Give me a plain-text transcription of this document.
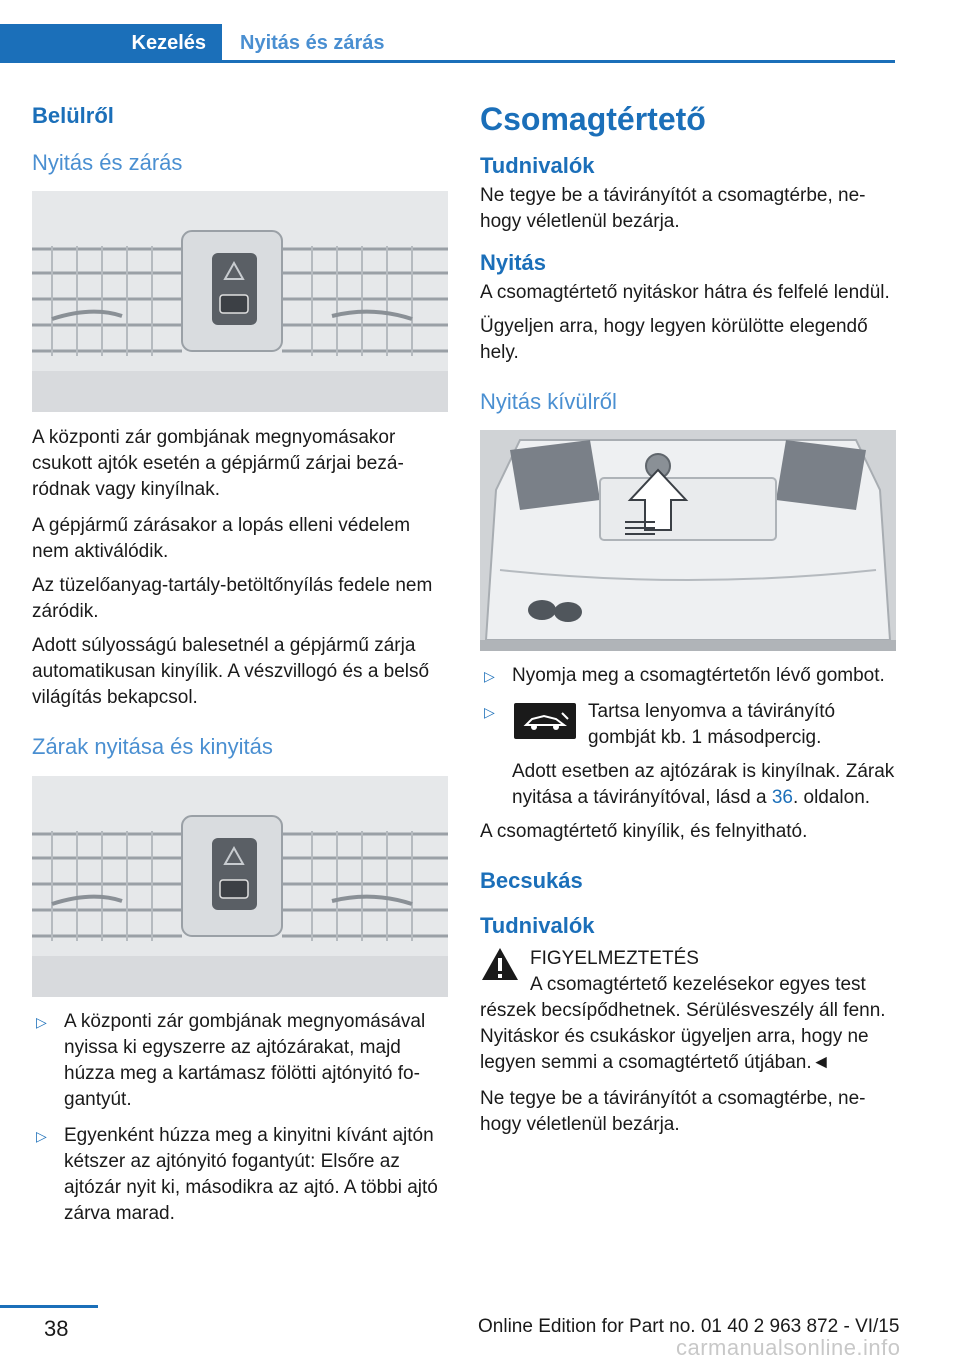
Kezelés	Nyitás és zárás
Belülről
Nyitás és zárás

A központi zár gombjának megnyomásakor csukott ajtók esetén a gépjármű zárjai bezáródnak vagy kinyílnak.

A gépjármű zárásakor a lopás elleni védelem nem aktiválódik.

Az tüzelőanyag-tartály-betöltőnyílás fedele nem záródik.

Adott súlyosságú balesetnél a gépjármű zárja automatikusan kinyílik. A vészvillogó és a belső világítás bekapcsol.

Zárak nyitása és kinyitás
▷ A központi zár gombjának megnyomásával nyissa ki egyszerre az ajtózárakat, majd húzza meg a kartámasz fölötti ajtónyitó fogantyút.
▷ Egyenként húzza meg a kinyitni kívánt ajtón kétszer az ajtónyitó fogantyút: Elsőre az ajtózár nyit ki, másodikra az ajtó. A többi ajtó zárva marad.
Csomagtértető
Tudnivalók

Ne tegye be a távirányítót a csomagtérbe, nehogy véletlenül bezárja.

Nyitás

A csomagtértető nyitáskor hátra és felfelé lendül.

Ügyeljen arra, hogy legyen körülötte elegendő hely.

Nyitás kívülről
▷ Nyomja meg a csomagtértetőn lévő gombot.
▷	Tartsa lenyomva a távirányító gombját kb. 1 másodpercig.
Adott esetben az ajtózárak is kinyílnak. Zárak nyitása a távirányítóval, lásd a 36. oldalon.

A csomagtértető kinyílik, és felnyitható.

Becsukás
Tudnivalók

FIGYELMEZTETÉS

A csomagtértető kezelésekor egyes test

részek becsípődhetnek. Sérülésveszély áll fenn. Nyitáskor és csukáskor ügyeljen arra, hogy ne legyen semmi a csomagtértető útjában.◄

Ne tegye be a távirányítót a csomagtérbe, nehogy véletlenül bezárja.

38	Online Edition for Part no. 01 40 2 963 872 - VI/15
carmanualsonline.info
